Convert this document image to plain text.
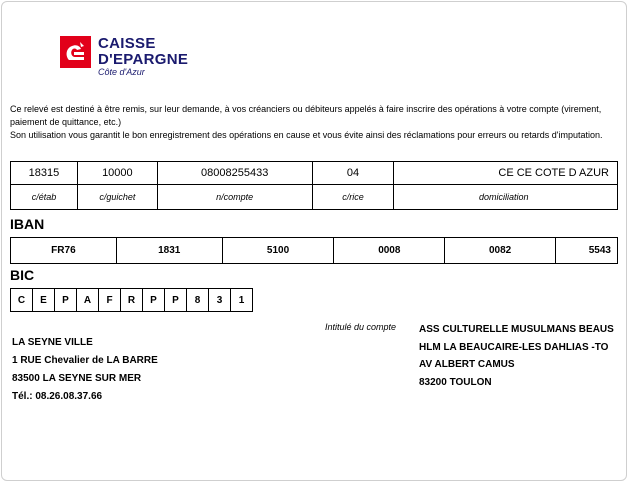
CAISSE
D'EPARGNE
Côte d'Azur

Ce relevé est destiné à être remis, sur leur demande, à vos créanciers ou débiteurs appelés à faire inscrire des opérations à votre compte (virement, paiement de quittance, etc.)

Son utilisation vous garantit le bon enregistrement des opérations en cause et vous évite ainsi des réclamations pour erreurs ou retards d'imputation.

18315	10000	08008255433	04	CE CE COTE D AZUR
c/étab	c/guichet	n/compte	c/rice	domiciliation
IBAN
FR76	1831	5100	0008	0082	5543
BIC
C	E	P	A	F	R	P	P	8	3	1
LA SEYNE VILLE
1 RUE Chevalier de LA BARRE
83500 LA SEYNE SUR MER
Tél.: 08.26.08.37.66
Intitulé du compte ASS CULTURELLE MUSULMANS BEAUS
HLM LA BEAUCAIRE-LES DAHLIAS -TO
AV ALBERT CAMUS
83200 TOULON
